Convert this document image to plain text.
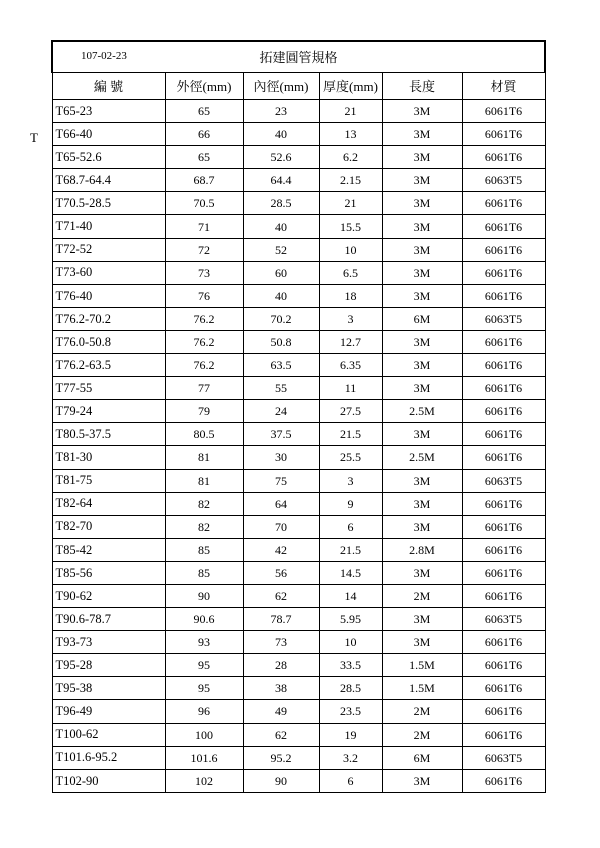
T
107-02-23 拓建圓管規格					
編 號	外徑(mm)	內徑(mm)	厚度(mm)	長度	材質
T65-23	65	23	21	3M	6061T6
T66-40	66	40	13	3M	6061T6
T65-52.6	65	52.6	6.2	3M	6061T6
T68.7-64.4	68.7	64.4	2.15	3M	6063T5
T70.5-28.5	70.5	28.5	21	3M	6061T6
T71-40	71	40	15.5	3M	6061T6
T72-52	72	52	10	3M	6061T6
T73-60	73	60	6.5	3M	6061T6
T76-40	76	40	18	3M	6061T6
T76.2-70.2	76.2	70.2	3	6M	6063T5
T76.0-50.8	76.2	50.8	12.7	3M	6061T6
T76.2-63.5	76.2	63.5	6.35	3M	6061T6
T77-55	77	55	11	3M	6061T6
T79-24	79	24	27.5	2.5M	6061T6
T80.5-37.5	80.5	37.5	21.5	3M	6061T6
T81-30	81	30	25.5	2.5M	6061T6
T81-75	81	75	3	3M	6063T5
T82-64	82	64	9	3M	6061T6
T82-70	82	70	6	3M	6061T6
T85-42	85	42	21.5	2.8M	6061T6
T85-56	85	56	14.5	3M	6061T6
T90-62	90	62	14	2M	6061T6
T90.6-78.7	90.6	78.7	5.95	3M	6063T5
T93-73	93	73	10	3M	6061T6
T95-28	95	28	33.5	1.5M	6061T6
T95-38	95	38	28.5	1.5M	6061T6
T96-49	96	49	23.5	2M	6061T6
T100-62	100	62	19	2M	6061T6
T101.6-95.2	101.6	95.2	3.2	6M	6063T5
T102-90	102	90	6	3M	6061T6
